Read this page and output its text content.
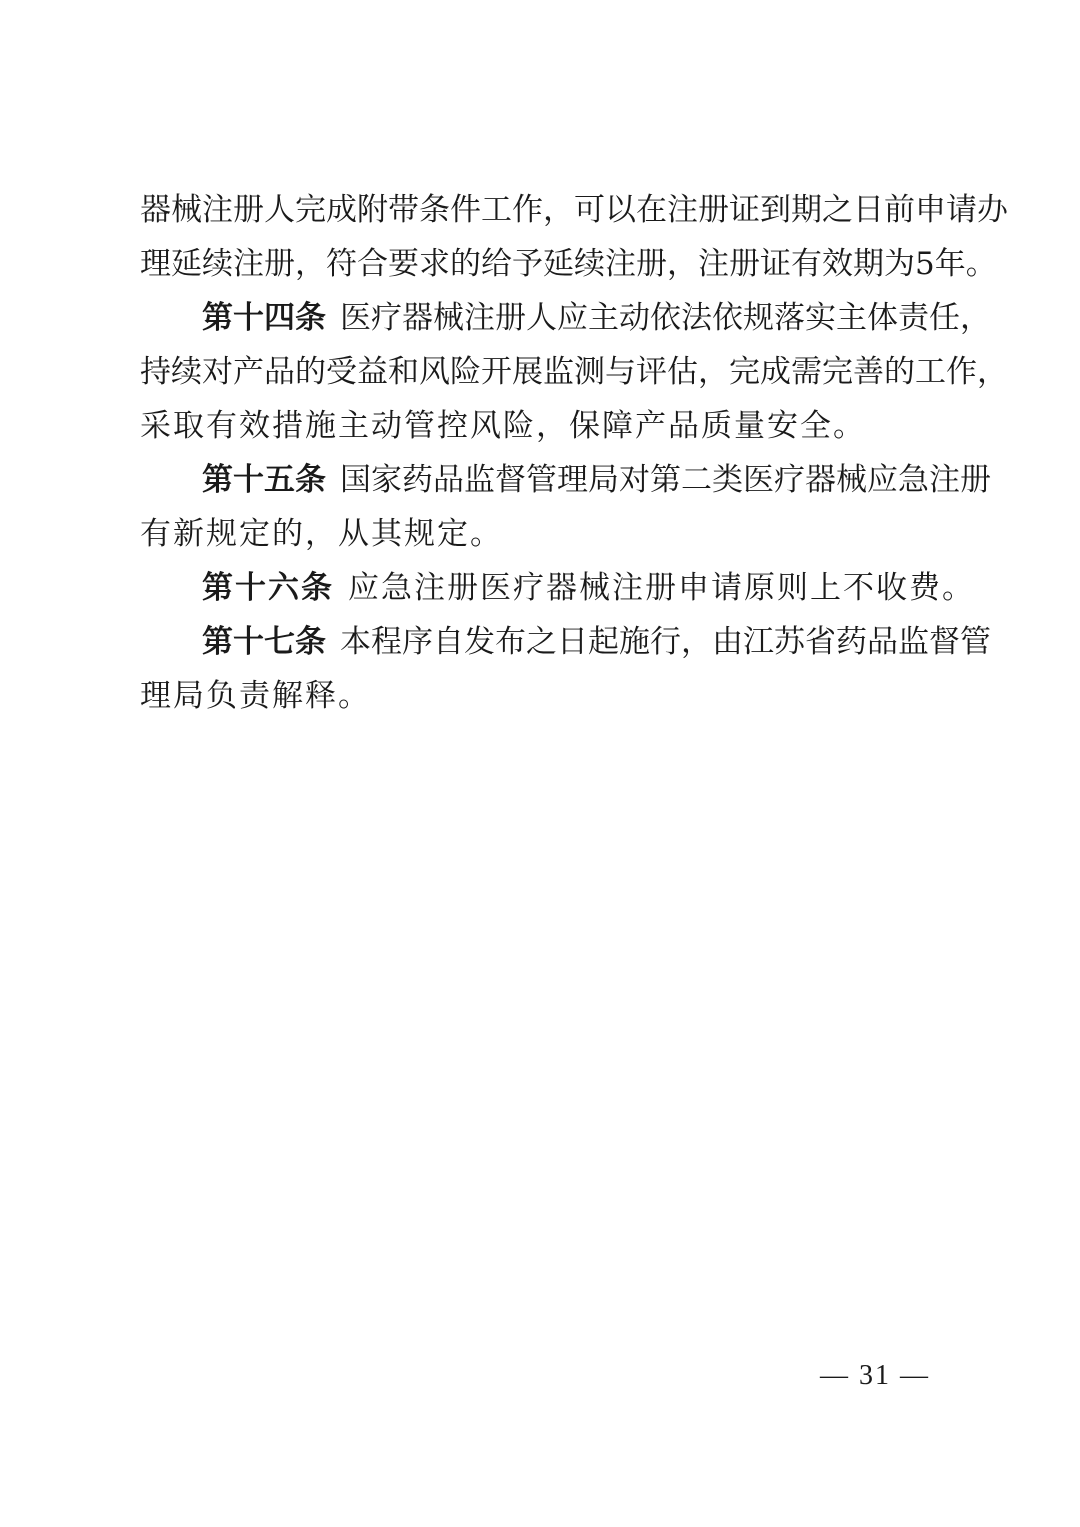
器械注册人完成附带条件工作，可以在注册证到期之日前申请办
理延续注册，符合要求的给予延续注册，注册证有效期为5年。
第十四条 医疗器械注册人应主动依法依规落实主体责任，
持续对产品的受益和风险开展监测与评估，完成需完善的工作，
采取有效措施主动管控风险，保障产品质量安全。
第十五条 国家药品监督管理局对第二类医疗器械应急注册
有新规定的，从其规定。
第十六条 应急注册医疗器械注册申请原则上不收费。
第十七条 本程序自发布之日起施行，由江苏省药品监督管
理局负责解释。
— 31 —
